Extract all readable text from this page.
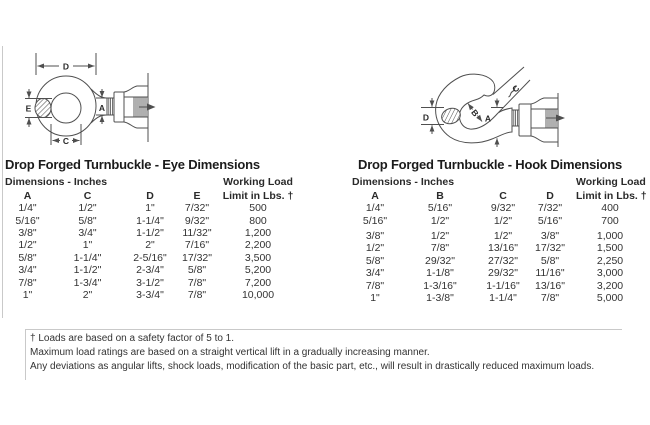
D
E	A
C
D	B
C
A
Drop Forged Turnbuckle - Eye Dimensions
Dimensions - Inches	Working Load
A	C	D	E	Limit in Lbs. †
1/4"	1/2"	1"	7/32"	500
5/16"	5/8"	1-1/4"	9/32"	800
3/8"	3/4"	1-1/2"	11/32"	1,200
1/2"	1"	2"	7/16"	2,200
5/8"	1-1/4"	2-5/16"	17/32"	3,500
3/4"	1-1/2"	2-3/4"	5/8"	5,200
7/8"	1-3/4"	3-1/2"	7/8"	7,200
1"	2"	3-3/4"	7/8"	10,000
Drop Forged Turnbuckle - Hook Dimensions
Dimensions - Inches	Working Load
A	B	C	D	Limit in Lbs. †
1/4"	5/16"	9/32"	7/32"	400
5/16"	1/2"	1/2"	5/16"	700
3/8"	1/2"	1/2"	3/8"	1,000
1/2"	7/8"	13/16"	17/32"	1,500
5/8"	29/32"	27/32"	5/8"	2,250
3/4"	1-1/8"	29/32"	11/16"	3,000
7/8"	1-3/16"	1-1/16"	13/16"	3,200
1"	1-3/8"	1-1/4"	7/8"	5,000
† Loads are based on a safety factor of 5 to 1.
Maximum load ratings are based on a straight vertical lift in a gradually increasing manner.
Any deviations as angular lifts, shock loads, modification of the basic part, etc., will result in drastically reduced maximum loads.
